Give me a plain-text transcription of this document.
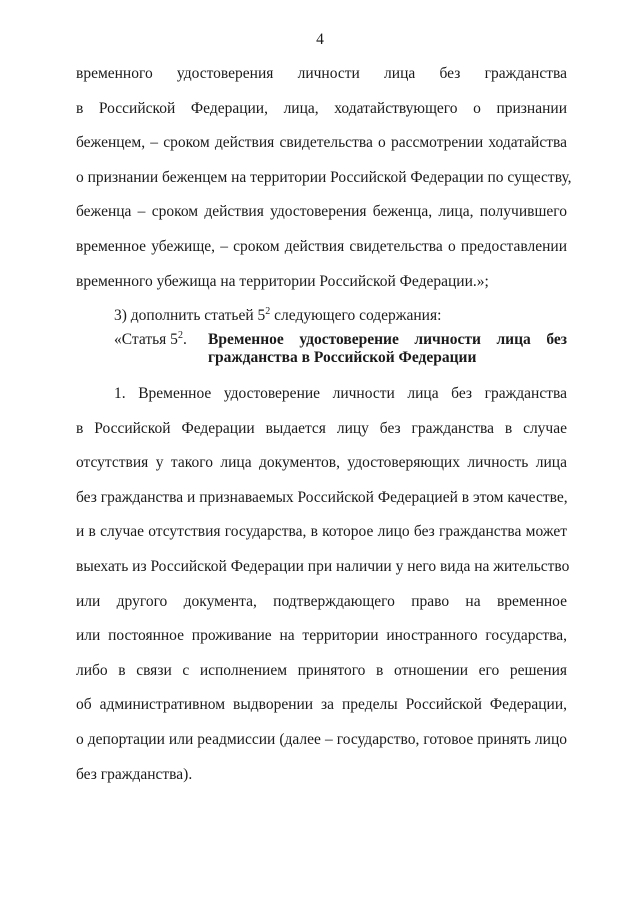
4
временного удостоверения личности лица без гражданства
в Российской Федерации, лица, ходатайствующего о признании
беженцем, – сроком действия свидетельства о рассмотрении ходатайства
о признании беженцем на территории Российской Федерации по существу,
беженца – сроком действия удостоверения беженца, лица, получившего
временное убежище, – сроком действия свидетельства о предоставлении
временного убежища на территории Российской Федерации.»;
3) дополнить статьей $5^2$ следующего содержания:
«Статья $5^2$. Временное удостоверение личности лица без
гражданства в Российской Федерации
1. Временное удостоверение личности лица без гражданства
в Российской Федерации выдается лицу без гражданства в случае
отсутствия у такого лица документов, удостоверяющих личность лица
без гражданства и признаваемых Российской Федерацией в этом качестве,
и в случае отсутствия государства, в которое лицо без гражданства может
выехать из Российской Федерации при наличии у него вида на жительство
или другого документа, подтверждающего право на временное
или постоянное проживание на территории иностранного государства,
либо в связи с исполнением принятого в отношении его решения
об административном выдворении за пределы Российской Федерации,
о депортации или реадмиссии (далее – государство, готовое принять лицо
без гражданства).
